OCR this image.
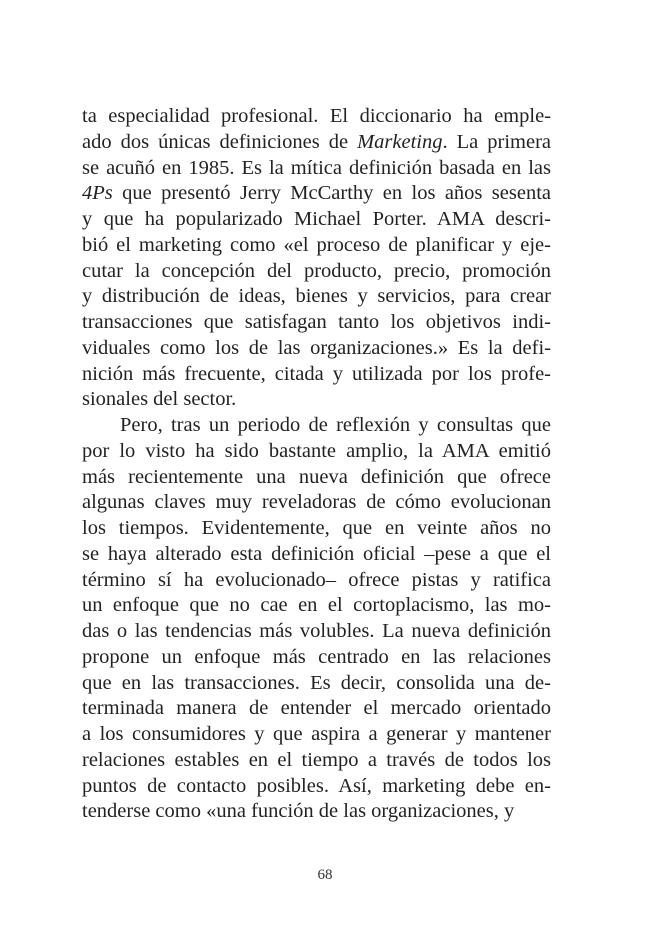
ta especialidad profesional. El diccionario ha emple-
ado dos únicas definiciones de Marketing. La primera
se acuñó en 1985. Es la mítica definición basada en las
4Ps que presentó Jerry McCarthy en los años sesenta
y que ha popularizado Michael Porter. AMA descri-
bió el marketing como «el proceso de planificar y eje-
cutar la concepción del producto, precio, promoción
y distribución de ideas, bienes y servicios, para crear
transacciones que satisfagan tanto los objetivos indi-
viduales como los de las organizaciones.» Es la defi-
nición más frecuente, citada y utilizada por los profe-
sionales del sector.
Pero, tras un periodo de reflexión y consultas que
por lo visto ha sido bastante amplio, la AMA emitió
más recientemente una nueva definición que ofrece
algunas claves muy reveladoras de cómo evolucionan
los tiempos. Evidentemente, que en veinte años no
se haya alterado esta definición oficial –pese a que el
término sí ha evolucionado– ofrece pistas y ratifica
un enfoque que no cae en el cortoplacismo, las mo-
das o las tendencias más volubles. La nueva definición
propone un enfoque más centrado en las relaciones
que en las transacciones. Es decir, consolida una de-
terminada manera de entender el mercado orientado
a los consumidores y que aspira a generar y mantener
relaciones estables en el tiempo a través de todos los
puntos de contacto posibles. Así, marketing debe en-
tenderse como «una función de las organizaciones, y
68
